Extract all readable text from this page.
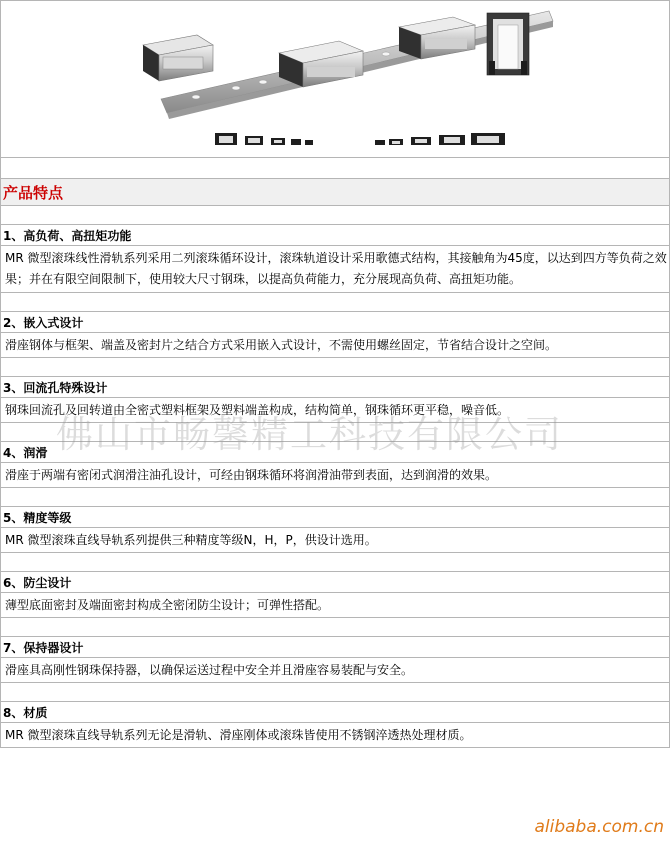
产品特点

1、高负荷、高扭矩功能
MR 微型滚珠线性滑轨系列采用二列滚珠循环设计，滚珠轨道设计采用歌德式结构，其接触角为45度，以达到四方等负荷之效果；并在有限空间限制下，使用较大尺寸钢珠，以提高负荷能力，充分展现高负荷、高扭矩功能。

2、嵌入式设计
滑座钢体与框架、端盖及密封片之结合方式采用嵌入式设计，不需使用螺丝固定，节省结合设计之空间。

3、回流孔特殊设计
钢珠回流孔及回转道由全密式塑料框架及塑料端盖构成，结构简单，钢珠循环更平稳，噪音低。

4、润滑
滑座于两端有密闭式润滑注油孔设计，可经由钢珠循环将润滑油带到表面，达到润滑的效果。

5、精度等级
MR 微型滚珠直线导轨系列提供三种精度等级N，H，P，供设计选用。

6、防尘设计
薄型底面密封及端面密封构成全密闭防尘设计；可弹性搭配。

7、保持器设计
滑座具高刚性钢珠保持器，以确保运送过程中安全并且滑座容易装配与安全。

8、材质
MR 微型滚珠直线导轨系列无论是滑轨、滑座刚体或滚珠皆使用不锈钢淬透热处理材质。
佛山市畅馨精工科技有限公司
alibaba.com.cn
